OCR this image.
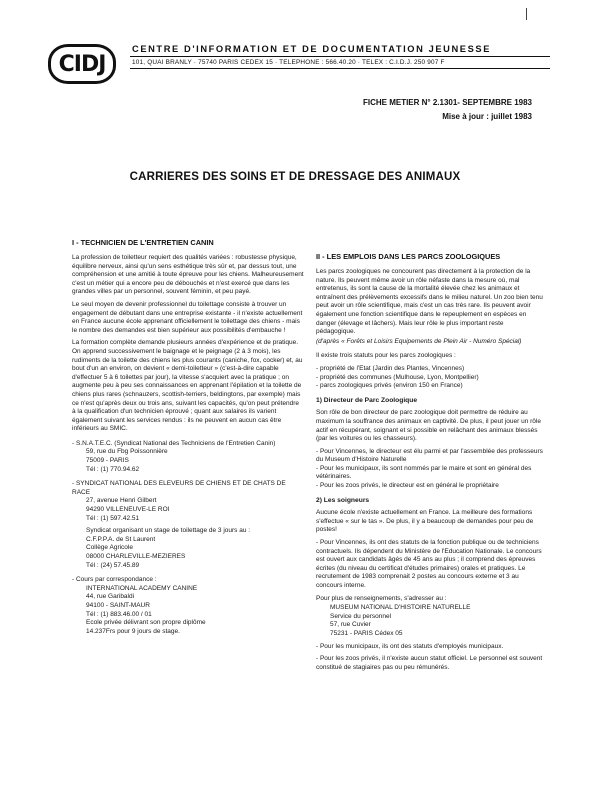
CIDJ
CENTRE D'INFORMATION ET DE DOCUMENTATION JEUNESSE
101, QUAI BRANLY · 75740 PARIS CEDEX 15 · TELEPHONE : 566.40.20 · TELEX : C.I.D.J. 250 907 F
FICHE METIER N° 2.1301- SEPTEMBRE 1983
Mise à jour : juillet 1983
CARRIERES DES SOINS ET DE DRESSAGE DES ANIMAUX
I - TECHNICIEN DE L'ENTRETIEN CANIN

La profession de toiletteur requiert des qualités variées : robustesse physique, équilibre nerveux, ainsi qu'un sens esthétique très sûr et, par dessus tout, une compréhension et une amitié à toute épreuve pour les chiens. Malheureusement c'est un métier qui a encore peu de débouchés et n'est exercé que dans les grandes villes par un personnel, souvent féminin, et peu payé.

Le seul moyen de devenir professionnel du toilettage consiste à trouver un engagement de débutant dans une entreprise existante - il n'existe actuellement en France aucune école apprenant officiellement le toilettage des chiens - mais le nombre des demandes est bien supérieur aux possibilités d'embauche !

La formation complète demande plusieurs années d'expérience et de pratique. On apprend successivement le baignage et le peignage (2 à 3 mois), les rudiments de la toilette des chiens les plus courants (caniche, fox, cocker) et, au bout d'un an environ, on devient « demi-toiletteur » (c'est-à-dire capable d'effectuer 5 à 6 toilettes par jour), la vitesse s'acquiert avec la pratique ; on augmente peu à peu ses connaissances en apprenant l'épilation et la toilette de chiens plus rares (schnauzers, scottish-terriers, beldingtons, par exemple) mais ce n'est qu'après deux ou trois ans, suivant les capacités, qu'on peut prétendre à la qualification d'un technicien éprouvé ; quant aux salaires ils varient également suivant les services rendus : ils ne peuvent en aucun cas être inférieurs au SMIC.

- S.N.A.T.E.C. (Syndicat National des Techniciens de l'Entretien Canin)
59, rue du Fbg Poissonnière
75009 - PARIS
Tél : (1) 770.94.62

- SYNDICAT NATIONAL DES ELEVEURS DE CHIENS ET DE CHATS DE RACE
27, avenue Henri Gilbert
94290 VILLENEUVE-LE ROI
Tél : (1) 597.42.51

Syndicat organisant un stage de toilettage de 3 jours au :
C.F.P.P.A. de St Laurent
Collège Agricole
08000 CHARLEVILLE-MEZIERES
Tél : (24) 57.45.89

- Cours par correspondance :
INTERNATIONAL ACADEMY CANINE
44, rue Garibaldi
94100 - SAINT-MAUR
Tél : (1) 883.46.00 / 01
Ecole privée délivrant son propre diplôme
14.237Frs pour 9 jours de stage.

II - LES EMPLOIS DANS LES PARCS ZOOLOGIQUES

Les parcs zoologiques ne concourent pas directement à la protection de la nature. Ils peuvent même avoir un rôle néfaste dans la mesure où, mal entretenus, ils sont la cause de la mortalité élevée chez les animaux et entraînent des prélèvements excessifs dans le milieu naturel. Un zoo bien tenu peut avoir un rôle scientifique, mais c'est un cas très rare. Ils peuvent avoir également une fonction scientifique dans le repeuplement en espèces en danger (élevage et lâchers). Mais leur rôle le plus important reste pédagogique.

(d'après « Forêts et Loisirs Equipements de Plein Air - Numéro Spécial)

Il existe trois statuts pour les parcs zoologiques :

- propriété de l'Etat (Jardin des Plantes, Vincennes)
- propriété des communes (Mulhouse, Lyon, Montpellier)
- parcs zoologiques privés (environ 150 en France)

1) Directeur de Parc Zoologique

Son rôle de bon directeur de parc zoologique doit permettre de réduire au maximum la souffrance des animaux en captivité. De plus, il peut jouer un rôle actif en récupérant, soignant et si possible en relâchant des animaux blessés (par les voitures ou les chasseurs).

- Pour Vincennes, le directeur est élu parmi et par l'assemblée des professeurs du Museum d'Histoire Naturelle
- Pour les municipaux, ils sont nommés par le maire et sont en général des vétérinaires.
- Pour les zoos privés, le directeur est en général le propriétaire

2) Les soigneurs

Aucune école n'existe actuellement en France. La meilleure des formations s'effectue « sur le tas ». De plus, il y a beaucoup de demandes pour peu de postes!

- Pour Vincennes, ils ont des statuts de la fonction publique ou de techniciens contractuels. Ils dépendent du Ministère de l'Education Nationale. Le concours est ouvert aux candidats âgés de 45 ans au plus ; il comprend des épreuves écrites (du niveau du certificat d'études primaires) orales et pratiques. Le recrutement de 1983 comprenait 2 postes au concours externe et 3 au concours interne.

Pour plus de renseignements, s'adresser au :

MUSEUM NATIONAL D'HISTOIRE NATURELLE
Service du personnel
57, rue Cuvier
75231 - PARIS Cédex 05

- Pour les municipaux, ils ont des statuts d'employés municipaux.

- Pour les zoos privés, il n'existe aucun statut officiel. Le personnel est souvent constitué de stagiaires pas ou peu rémunérés.
